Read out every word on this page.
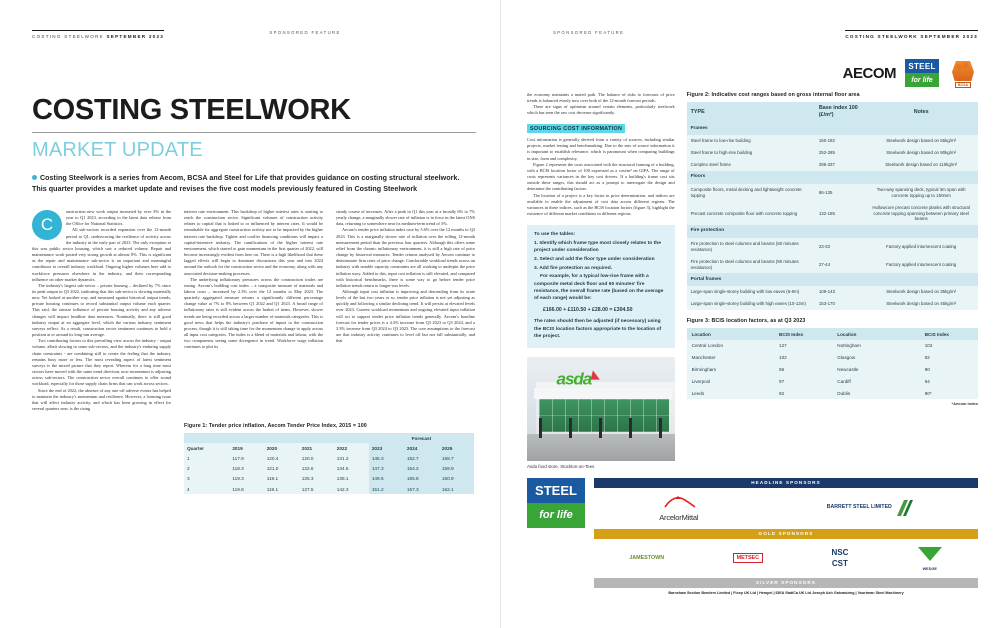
COSTING STEELWORK SEPTEMBER 2023
SPONSORED FEATURE
COSTING STEELWORK
MARKET UPDATE
Costing Steelwork is a series from Aecom, BCSA and Steel for Life that provides guidance on costing structural steelwork. This quarter provides a market update and revises the five cost models previously featured in Costing Steelwork
C

onstruction new work output increased by over 3% in the year to Q1 2023, according to the latest data release from the Office for National Statistics.

All sub-sectors recorded expansion over the 12-month period to Q1, underscoring the resilience of activity across the industry in the early part of 2023. The only exception to this was public sector housing, which saw a reduced volume. Repair and maintenance work posted very strong growth at almost 8%. This is significant as the repair and maintenance sub-sector is an important and meaningful contributor to overall industry workload. Ongoing higher volumes here add to workforce pressures elsewhere in the industry, and their corresponding influence on other market dynamics.

The industry's largest sub-sector – private housing – declined by 7% since its peak output in Q3 2022, indicating that this sub-sector is slowing materially now. Yet looked at another way, and measured against historical output trends, private housing continues to record substantial output volume each quarter. This said, the outsize influence of private housing activity and any adverse changes will impact headline data measures. Nominally, there is still good industry output at an aggregate level, which the various industry sentiment surveys reflect. As a result, construction sector sentiment continues to hold a position at or around its long-run average.

Two contributing factors to this prevailing view across the industry - output volume, albeit slowing in some sub-sectors, and the industry's enduring supply chain constraints - are combining still to create the feeling that the industry remains busy more or less. The most revealing aspect of latest sentiment surveys is the mixed picture that they report. Whereas for a long time most sectors have moved with the same trend direction, now momentum is adjusting across sub-sectors. The construction sector overall continues to offer sound workload, especially for those supply chain firms that can work across sectors.

Since the end of 2022, the absence of any one-off adverse events has helped to maintain the industry's momentum and resilience. However, a looming issue that will affect industry activity, and which has been growing in effect for several quarters now, is the rising

interest rate environment. This backdrop of higher interest rates is starting to reach the construction sector. Significant volumes of construction activity relates to capital that is linked to or influenced by interest rates. It would be remarkable for aggregate construction activity not to be impacted by the higher interest rate backdrop. Tighter and costlier financing conditions will impact a capital-intensive industry. The ramifications of the higher interest rate environment, which started to gain momentum in the first quarter of 2022, will become increasingly evident from here on. There is a high likelihood that these lagged effects will begin to dominate discussions this year and into 2024 around the outlook for the construction sector and the economy, along with any associated decision-making processes.

The underlying inflationary pressures across the construction trades are easing. Aecom's building cost index – a composite measure of materials and labour costs – increased by 2.3% over the 12 months to May 2023. The quarterly aggregated measure returns a significantly different percentage change value at 7% to 8% between Q1 2022 and Q1 2023. A broad range of inflationary rates is still evident across the basket of items. However, slower trends are being recorded across a larger number of materials categories. This is good news that helps the industry's purchase of inputs to the construction process, though it is still taking time for the momentum change to apply across all input cost categories. The index is a blend of materials and labour, with the two components seeing some divergence in trend. Workforce wage inflation continues to plot its

steady course of increases. After a peak in Q1 this year at a broadly 6% to 7% yearly change, a marginally slower rate of inflation is in force in the latest ONS data, returning to somewhere near its medium-term trend of 5%.

Aecom's tender price inflation index rose by 5.6% over the 12 months to Q2 2023. This is a marginally slower rate of inflation over the rolling 12-month measurement period than the previous four quarters. Although this offers some relief from the chronic inflationary environment, it is still a high rate of price change by historical measures. Tender returns analysed by Aecom continue to demonstrate firm rates of price change. Comfortable workload trends across an industry with notable capacity constraints are all working to underpin the price inflation story. Added to this, input cost inflation is still elevated, and compared with historical benchmarks, there is some way to go before tender price inflation trends return to longer-run levels.

Although input cost inflation is improving and descending from its acute levels of the last two years or so, tender price inflation is not yet adjusting as quickly and following a similar declining trend. It will persist at elevated levels over 2023. Current workload momentum and ongoing elevated input inflation will act to support tender price inflation trends generally. Aecom's baseline forecast for tender prices is a 4.3% increase from Q3 2023 to Q3 2024, and a 3.3% increase from Q3 2024 to Q3 2025. The core assumptions to the forecast are that industry activity continues to level off but not fall substantially, and that

Figure 1: Tender price inflation, Aecom Tender Price Index, 2015 = 100
					Forecast		
Quarter	2019	2020	2021	2022	2023	2024	2025
1	117.9	120.4	120.0	131.2	145.3	152.7	158.7
2	118.3	121.0	122.6	134.5	147.3	154.2	159.9
3	119.3	119.1	125.3	138.1	149.5	155.8	160.9
4	119.8	119.1	127.5	142.3	151.2	157.3	162.1
SPONSORED FEATURE
COSTING STEELWORK SEPTEMBER 2023
AECOM	STEEL
for life
BCSA

the economy maintains a muted path. The balance of risks to forecasts of price trends is balanced evenly now over both of the 12-month forecast periods.

There are signs of optimism around certain elements, particularly steelwork which has seen the raw cost decrease significantly.

SOURCING COST INFORMATION

Cost information is generally derived from a variety of sources, including similar projects, market testing and benchmarking. Due to the mix of source information it is important to establish relevance, which is paramount when comparing buildings in size, form and complexity.

Figure 2 represents the costs associated with the structural framing of a building, with a BCIS location factor of 100 expressed as a cost/m² on GIFA. The range of costs represents variances in the key cost drivers. If a building's frame cost sits outside these ranges, this should act as a prompt to interrogate the design and determine the contributing factors.

The location of a project is a key factor in price determination, and indices are available to enable the adjustment of cost data across different regions. The variances in these indices, such as the BCIS location factors (figure 3), highlight the existence of different market conditions in different regions.

To use the tables:

1. Identify which frame type most closely relates to the project under consideration

2. Select and add the floor type under consideration

3. Add fire protection as required.

For example, for a typical low-rise frame with a composite metal deck floor and 60 minutes' fire resistance, the overall frame rate (based on the average of each range) would be:

£166.00 + £110.50 + £28.00 = £304.50

The rates should then be adjusted (if necessary) using the BCIS location factors appropriate to the location of the project.

asda◣
Asda food store, Stockton-on-Tees
Figure 2: Indicative cost ranges based on gross internal floor area
TYPE	Base index 100 (£/m²)	Notes
Frames		
Steel frame to low-rise building	150-182	Steelwork design based on 55kg/m²
Steel frame to high-rise building	252-285	Steelwork design based on 90kg/m²
Complex steel frame	285-337	Steelwork design based on 110kg/m²
Floors		
Composite floors, metal decking and lightweight concrete topping	86-135	Two-way spanning deck, typical 3m span with concrete topping up to 150mm
Precast concrete composite floor with concrete topping	132-185	Hollowcore precast concrete planks with structural concrete topping spanning between primary steel beams
Fire protection		
Fire protection to steel columns and beams (60 minutes resistance)	23-33	Factory applied intumescent coating
Fire protection to steel columns and beams (90 minutes resistance)	27-44	Factory applied intumescent coating
Portal frames		
Large-span single-storey building with low eaves (6-8m)	109-143	Steelwork design based on 35kg/m²
Large-span single-storey building with high eaves (10-13m)	153-170	Steelwork design based on 45kg/m²
Figure 3: BCIS location factors, as at Q3 2023
Location	BCIS Index	Location	BCIS Index
Central London	127	Nottingham	102
Manchester	102	Glasgow	92
Birmingham	96	Newcastle	90
Liverpool	97	Cardiff	94
Leeds	92	Dublin	90*
*Aecom index
STEEL
for life
HEADLINE SPONSORS
ArcelorMittal
BARRETT STEEL LIMITED
GOLD SPONSORS
JAMESTOWN	METSEC
NSC
CST
WEDGE
SILVER SPONSORS
Barnshaw Section Benders Limited | Ficep UK Ltd | Hempel | IDEA StatiCa UK Ltd Joseph Ash Galvanizing | Voortman Steel Machinery
